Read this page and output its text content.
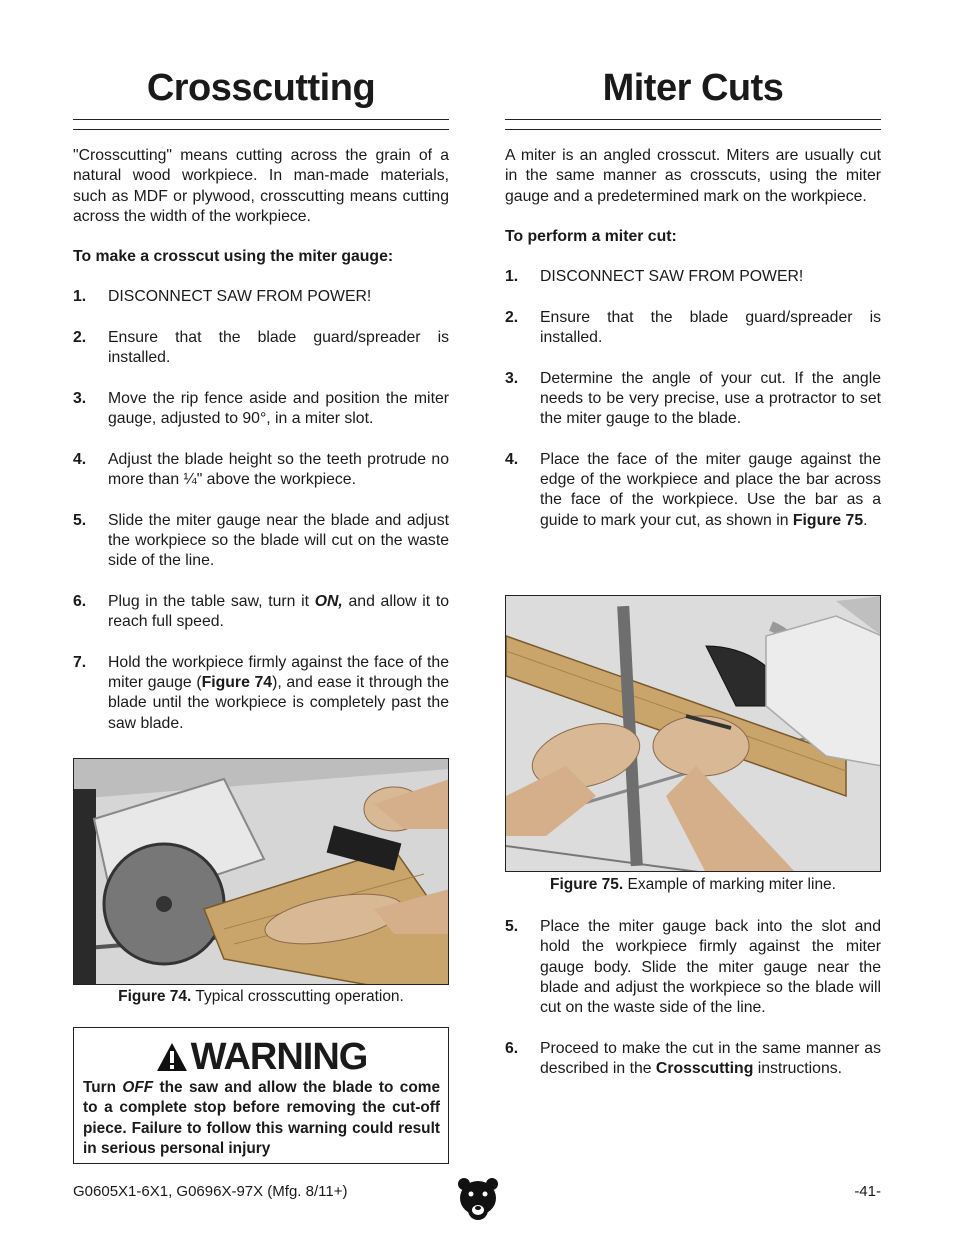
Crosscutting

"Crosscutting" means cutting across the grain of a natural wood workpiece. In man-made materials, such as MDF or plywood, crosscutting means cutting across the width of the workpiece.

To make a crosscut using the miter gauge:

1.	DISCONNECT SAW FROM POWER!
2.	Ensure that the blade guard/spreader is installed.
3.	Move the rip fence aside and position the miter gauge, adjusted to 90°, in a miter slot.
4.	Adjust the blade height so the teeth protrude no more than ¼" above the workpiece.
5.	Slide the miter gauge near the blade and adjust the workpiece so the blade will cut on the waste side of the line.
6.	Plug in the table saw, turn it ON, and allow it to reach full speed.
7.	Hold the workpiece firmly against the face of the miter gauge (Figure 74), and ease it through the blade until the workpiece is completely past the saw blade.
Figure 74. Typical crosscutting operation.
WARNING
Turn OFF the saw and allow the blade to come to a complete stop before removing the cut-off piece. Failure to follow this warning could result in serious personal injury
Miter Cuts

A miter is an angled crosscut. Miters are usually cut in the same manner as crosscuts, using the miter gauge and a predetermined mark on the workpiece.

To perform a miter cut:

1.	DISCONNECT SAW FROM POWER!
2.	Ensure that the blade guard/spreader is installed.
3.	Determine the angle of your cut. If the angle needs to be very precise, use a protractor to set the miter gauge to the blade.
4.	Place the face of the miter gauge against the edge of the workpiece and place the bar across the face of the workpiece. Use the bar as a guide to mark your cut, as shown in Figure 75.
5.	Place the miter gauge back into the slot and hold the workpiece firmly against the miter gauge body. Slide the miter gauge near the blade and adjust the workpiece so the blade will cut on the waste side of the line.
6.	Proceed to make the cut in the same manner as described in the Crosscutting instructions.
Figure 75. Example of marking miter line.
G0605X1-6X1, G0696X-97X (Mfg. 8/11+)	-41-
